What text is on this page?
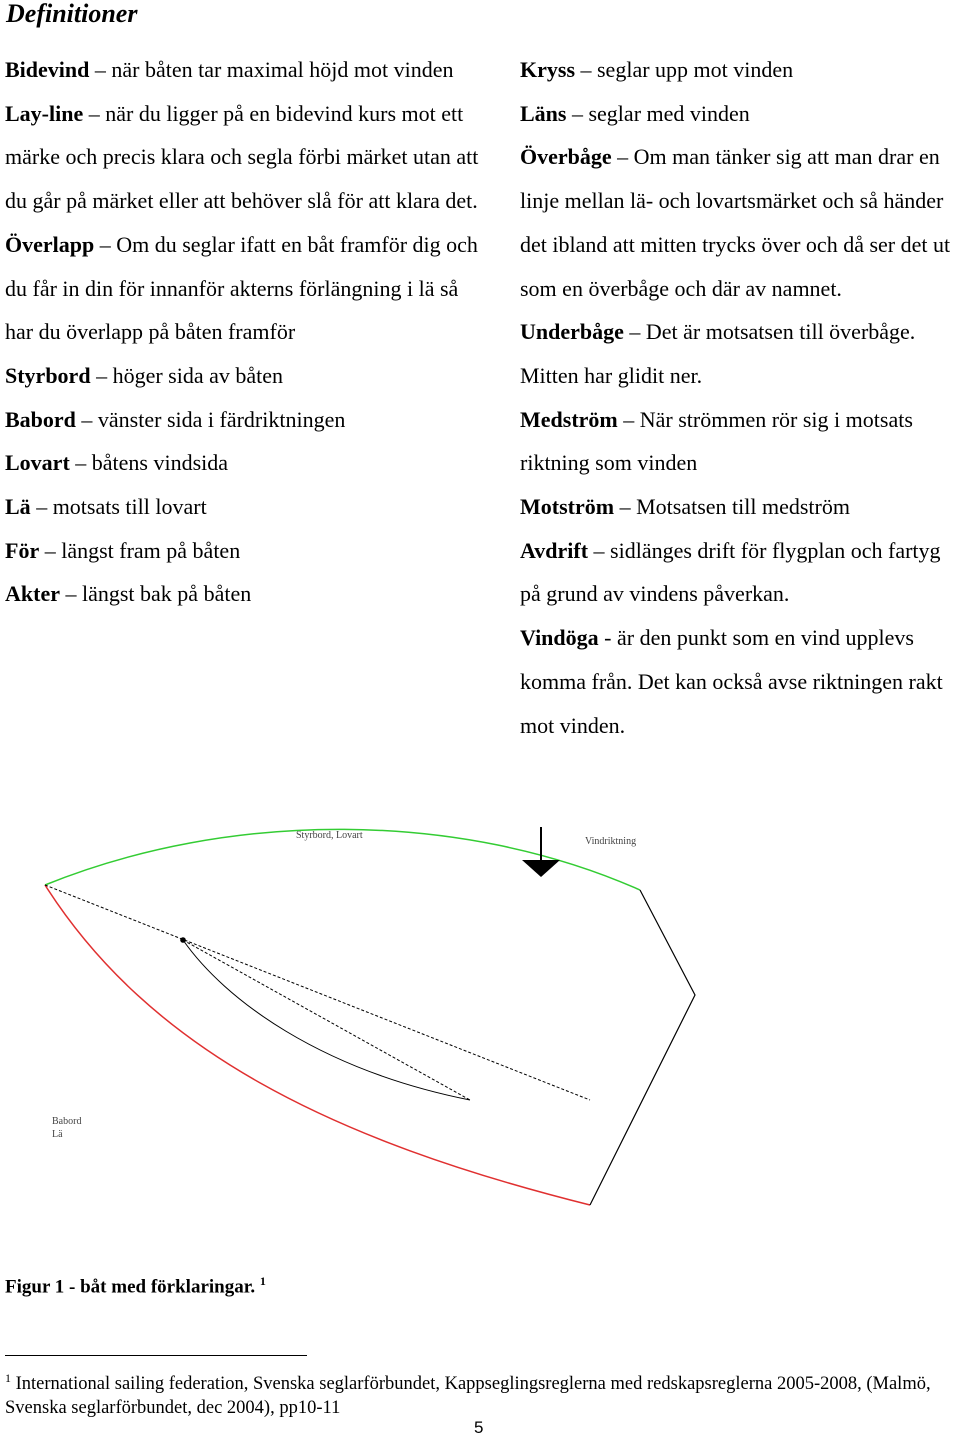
Definitioner

Bidevind – när båten tar maximal höjd mot vinden

Lay-line – när du ligger på en bidevind kurs mot ett märke och precis klara och segla förbi märket utan att du går på märket eller att behöver slå för att klara det.

Överlapp – Om du seglar ifatt en båt framför dig och du får in din för innanför akterns förlängning i lä så har du överlapp på båten framför

Styrbord – höger sida av båten

Babord – vänster sida i färdriktningen

Lovart – båtens vindsida

Lä – motsats till lovart

För – längst fram på båten

Akter – längst bak på båten

Kryss – seglar upp mot vinden

Läns – seglar med vinden

Överbåge – Om man tänker sig att man drar en linje mellan lä- och lovartsmärket och så händer det ibland att mitten trycks över och då ser det ut som en överbåge och där av namnet.

Underbåge – Det är motsatsen till överbåge. Mitten har glidit ner.

Medström – När strömmen rör sig i motsats riktning som vinden

Motström – Motsatsen till medström

Avdrift – sidlänges drift för flygplan och fartyg på grund av vindens påverkan.

Vindöga - är den punkt som en vind upplevs komma från. Det kan också avse riktningen rakt mot vinden.

Styrbord, Lovart
Vindriktning
Babord
Lä

Figur 1 - båt med förklaringar. $^1$

$^1$ International sailing federation, Svenska seglarförbundet, Kappseglingsreglerna med redskapsreglerna 2005-2008, (Malmö, Svenska seglarförbundet, dec 2004), pp10-11

5
